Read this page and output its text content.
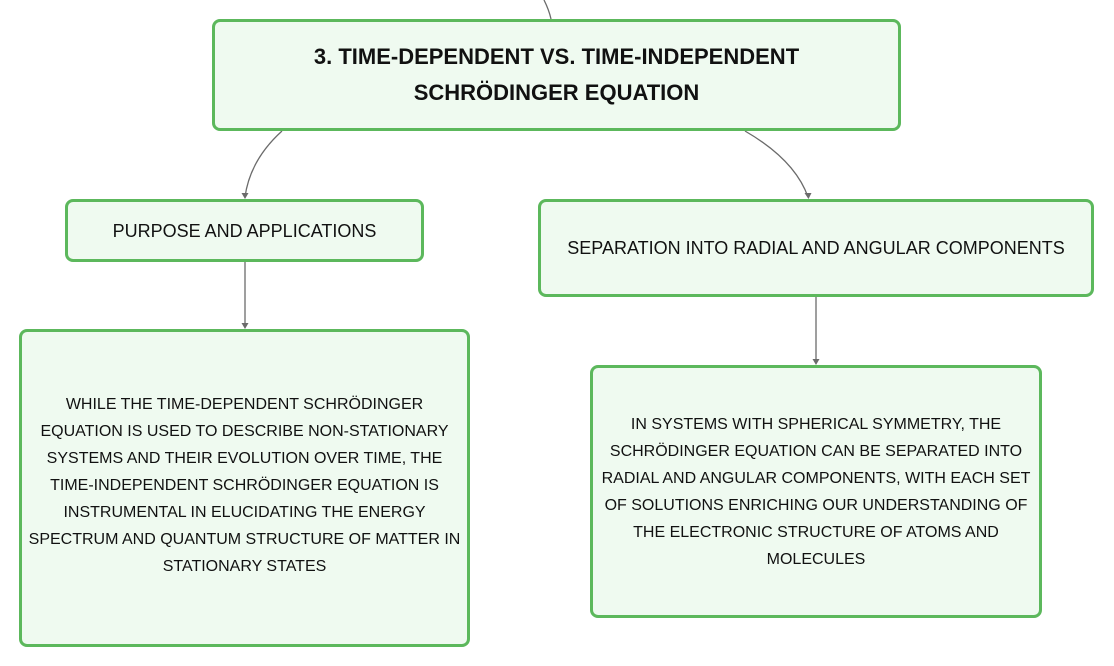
3. TIME-DEPENDENT VS. TIME-INDEPENDENT SCHRÖDINGER EQUATION
PURPOSE AND APPLICATIONS
SEPARATION INTO RADIAL AND ANGULAR COMPONENTS
WHILE THE TIME-DEPENDENT SCHRÖDINGER EQUATION IS USED TO DESCRIBE NON-STATIONARY SYSTEMS AND THEIR EVOLUTION OVER TIME, THE TIME-INDEPENDENT SCHRÖDINGER EQUATION IS INSTRUMENTAL IN ELUCIDATING THE ENERGY SPECTRUM AND QUANTUM STRUCTURE OF MATTER IN STATIONARY STATES
IN SYSTEMS WITH SPHERICAL SYMMETRY, THE SCHRÖDINGER EQUATION CAN BE SEPARATED INTO RADIAL AND ANGULAR COMPONENTS, WITH EACH SET OF SOLUTIONS ENRICHING OUR UNDERSTANDING OF THE ELECTRONIC STRUCTURE OF ATOMS AND MOLECULES
